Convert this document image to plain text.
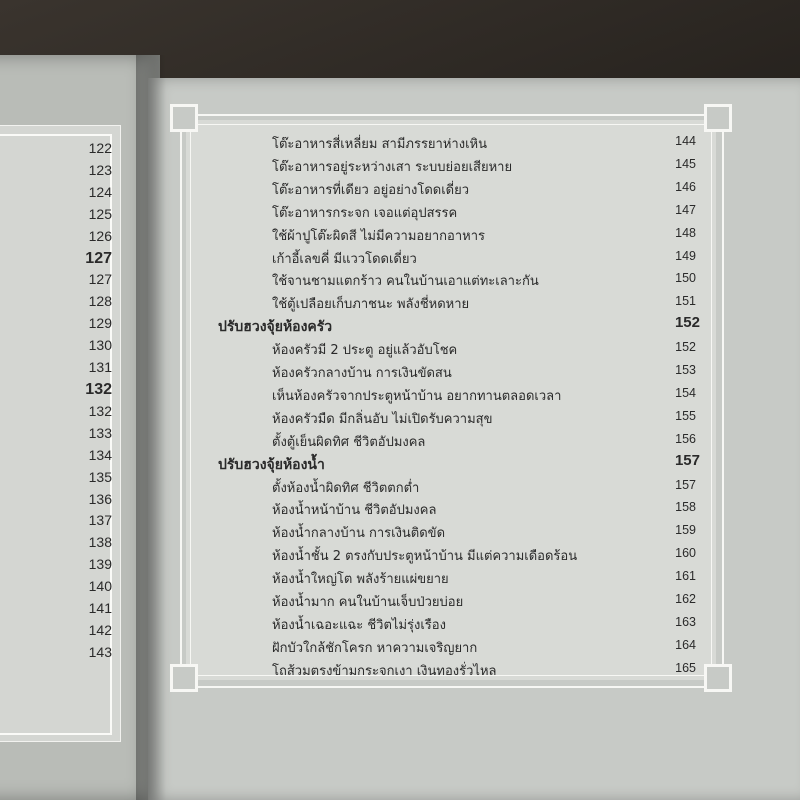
122
123
124
125
126
127
127
128
129
130
131
132
132
133
134
135
136
137
138
139
140
141
142
143
โต๊ะอาหารสี่เหลี่ยม สามีภรรยาห่างเหิน	144
โต๊ะอาหารอยู่ระหว่างเสา ระบบย่อยเสียหาย	145
โต๊ะอาหารที่เดียว อยู่อย่างโดดเดี่ยว	146
โต๊ะอาหารกระจก เจอแต่อุปสรรค	147
ใช้ผ้าปูโต๊ะผิดสี ไม่มีความอยากอาหาร	148
เก้าอี้เลขคี่ มีแววโดดเดี่ยว	149
ใช้จานชามแตกร้าว คนในบ้านเอาแต่ทะเลาะกัน	150
ใช้ตู้เปลือยเก็บภาชนะ พลังชี่หดหาย	151
ปรับฮวงจุ้ยห้องครัว	152
ห้องครัวมี 2 ประตู อยู่แล้วอับโชค	152
ห้องครัวกลางบ้าน การเงินขัดสน	153
เห็นห้องครัวจากประตูหน้าบ้าน อยากทานตลอดเวลา	154
ห้องครัวมืด มีกลิ่นอับ ไม่เปิดรับความสุข	155
ตั้งตู้เย็นผิดทิศ ชีวิตอัปมงคล	156
ปรับฮวงจุ้ยห้องน้ำ	157
ตั้งห้องน้ำผิดทิศ ชีวิตตกต่ำ	157
ห้องน้ำหน้าบ้าน ชีวิตอัปมงคล	158
ห้องน้ำกลางบ้าน การเงินติดขัด	159
ห้องน้ำชั้น 2 ตรงกับประตูหน้าบ้าน มีแต่ความเดือดร้อน	160
ห้องน้ำใหญ่โต พลังร้ายแผ่ขยาย	161
ห้องน้ำมาก คนในบ้านเจ็บป่วยบ่อย	162
ห้องน้ำเฉอะแฉะ ชีวิตไม่รุ่งเรือง	163
ฝักบัวใกล้ชักโครก หาความเจริญยาก	164
โถส้วมตรงข้ามกระจกเงา เงินทองรั่วไหล	165
